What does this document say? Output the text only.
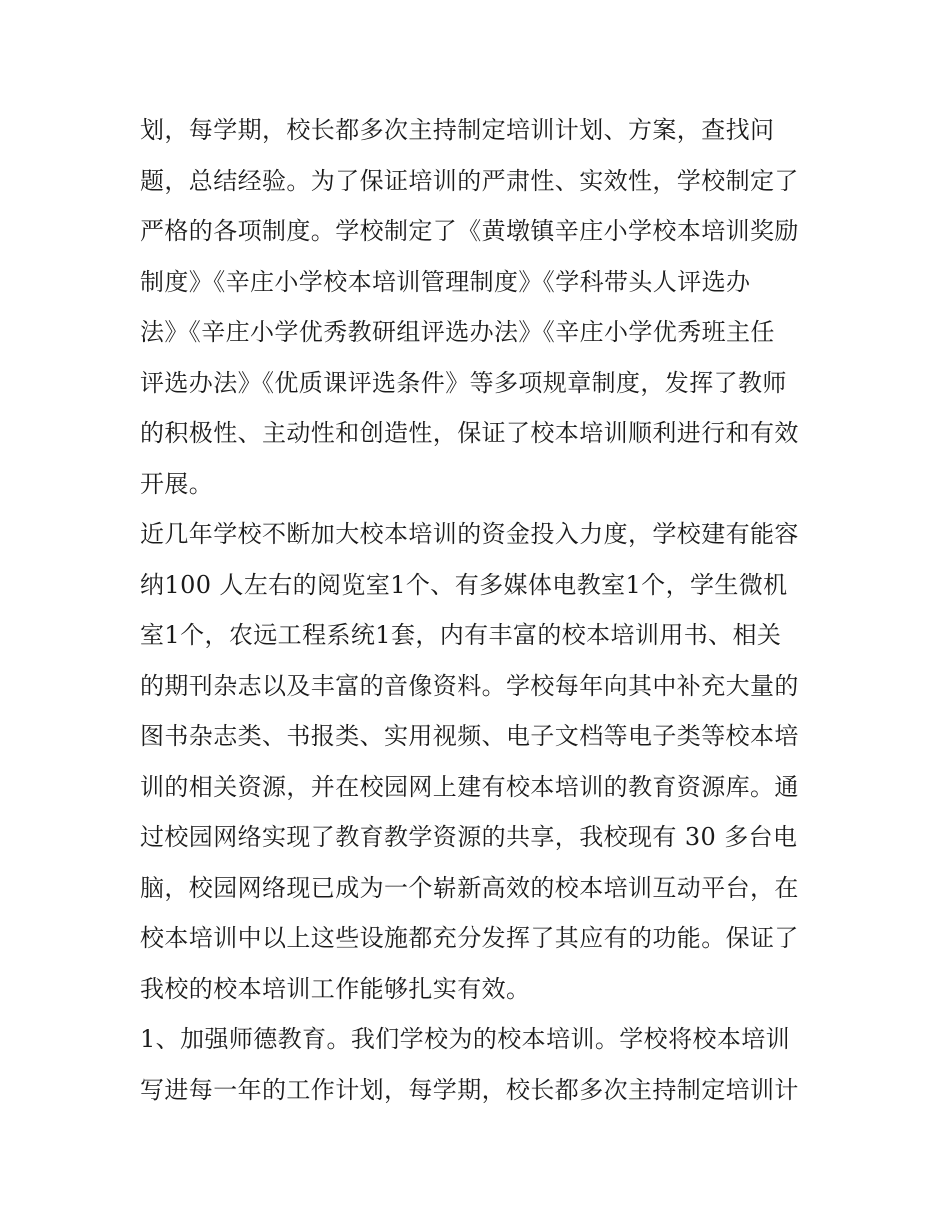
划，每学期，校长都多次主持制定培训计划、方案，查找问
题，总结经验。为了保证培训的严肃性、实效性，学校制定了
严格的各项制度。学校制定了《黄墩镇辛庄小学校本培训奖励
制度》《辛庄小学校本培训管理制度》《学科带头人评选办
法》《辛庄小学优秀教研组评选办法》《辛庄小学优秀班主任
评选办法》《优质课评选条件》等多项规章制度，发挥了教师
的积极性、主动性和创造性，保证了校本培训顺利进行和有效
开展。
近几年学校不断加大校本培训的资金投入力度，学校建有能容
纳100 人左右的阅览室1个、有多媒体电教室1个，学生微机
室1个，农远工程系统1套，内有丰富的校本培训用书、相关
的期刊杂志以及丰富的音像资料。学校每年向其中补充大量的
图书杂志类、书报类、实用视频、电子文档等电子类等校本培
训的相关资源，并在校园网上建有校本培训的教育资源库。通
过校园网络实现了教育教学资源的共享，我校现有 30 多台电
脑，校园网络现已成为一个崭新高效的校本培训互动平台，在
校本培训中以上这些设施都充分发挥了其应有的功能。保证了
我校的校本培训工作能够扎实有效。
1、加强师德教育。我们学校为的校本培训。学校将校本培训
写进每一年的工作计划，每学期，校长都多次主持制定培训计
